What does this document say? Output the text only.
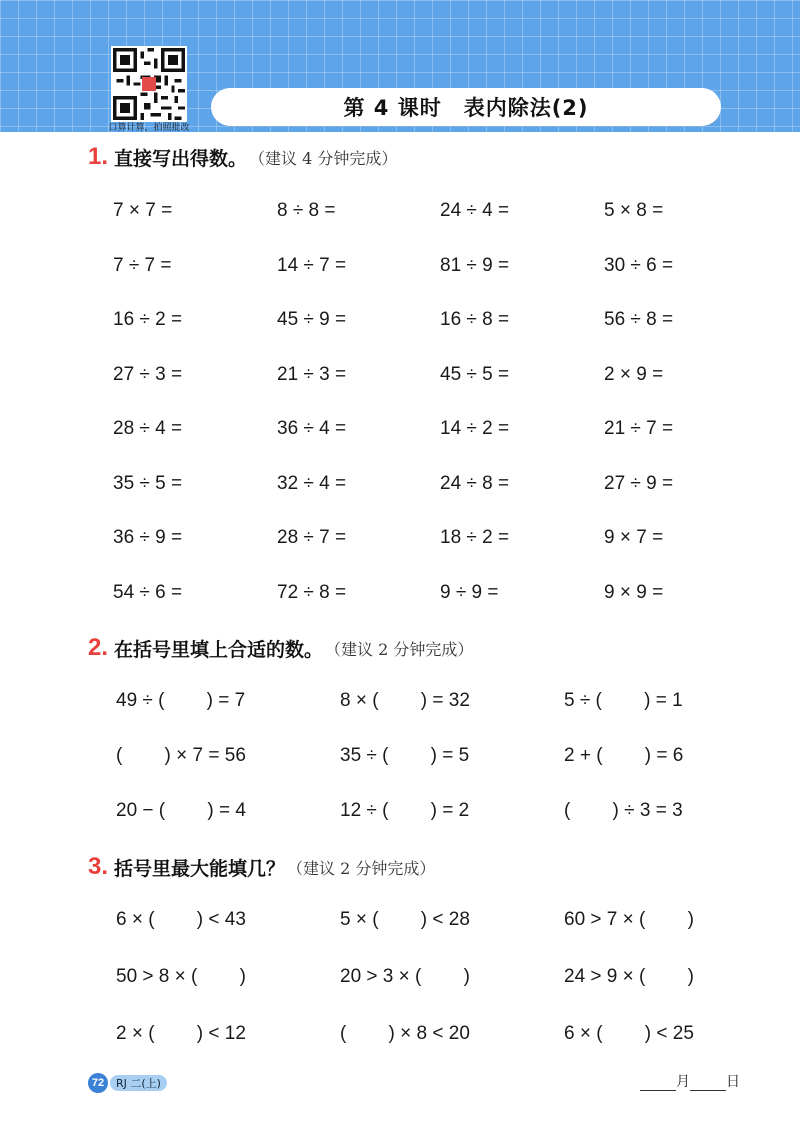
口算计算，拍照批改
第 4 课时 表内除法(2)
1. 直接写出得数。 （建议 4 分钟完成）
7 × 7 =	8 ÷ 8 =	24 ÷ 4 =	5 × 8 =
7 ÷ 7 =	14 ÷ 7 =	81 ÷ 9 =	30 ÷ 6 =
16 ÷ 2 =	45 ÷ 9 =	16 ÷ 8 =	56 ÷ 8 =
27 ÷ 3 =	21 ÷ 3 =	45 ÷ 5 =	2 × 9 =
28 ÷ 4 =	36 ÷ 4 =	14 ÷ 2 =	21 ÷ 7 =
35 ÷ 5 =	32 ÷ 4 =	24 ÷ 8 =	27 ÷ 9 =
36 ÷ 9 =	28 ÷ 7 =	18 ÷ 2 =	9 × 7 =
54 ÷ 6 =	72 ÷ 8 =	9 ÷ 9 =	9 × 9 =
2. 在括号里填上合适的数。 （建议 2 分钟完成）
49 ÷ (        ) = 7	8 × (        ) = 32	5 ÷ (        ) = 1
(        ) × 7 = 56	35 ÷ (        ) = 5	2 + (        ) = 6
20 − (        ) = 4	12 ÷ (        ) = 2	(        ) ÷ 3 = 3
3. 括号里最大能填几？ （建议 2 分钟完成）
6 × (        ) < 43	5 × (        ) < 28	60 > 7 × (        )
50 > 8 × (        )	20 > 3 × (        )	24 > 9 × (        )
2 × (        ) < 12	(        ) × 8 < 20	6 × (        ) < 25
72	RJ 二(上)	月	日
